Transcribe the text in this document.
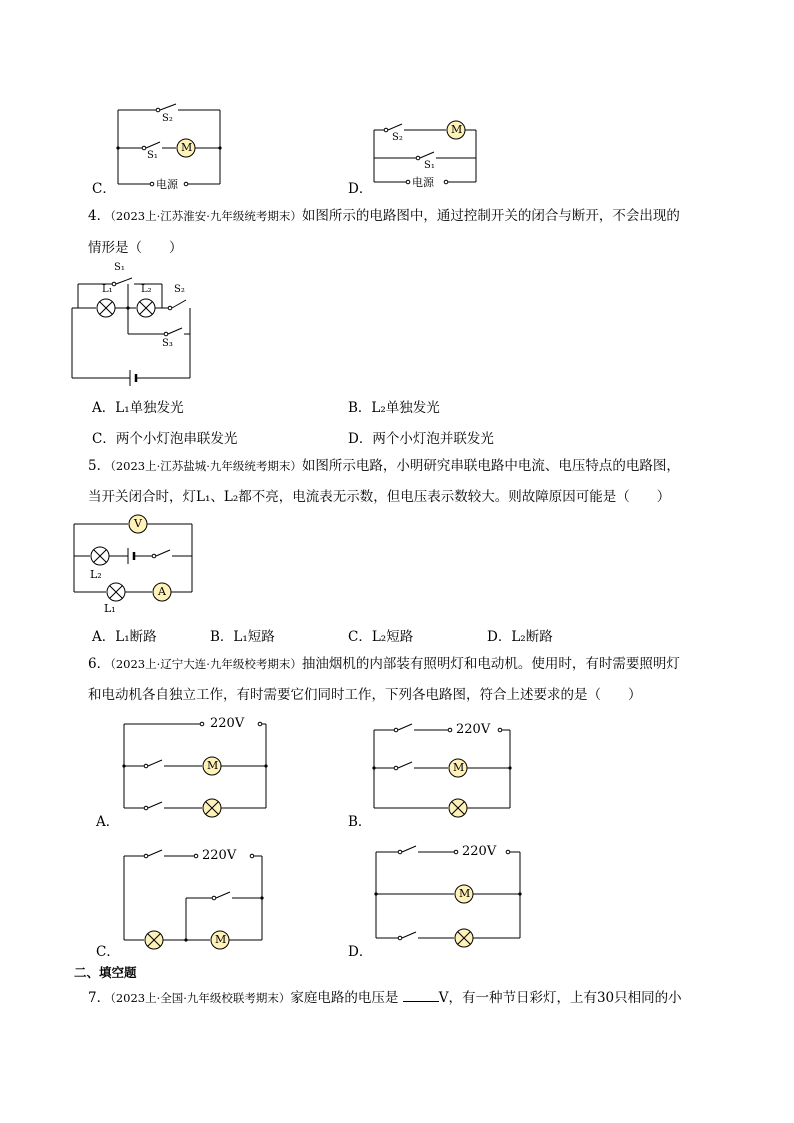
C．
S₂
S₁
M
电源	D．
S₂
M
S₁
电源
4．（2023上·江苏淮安·九年级统考期末）如图所示的电路图中，通过控制开关的闭合与断开，不会出现的
情形是（　　）
S₁
L₁	L₂ S₂
S₃
A．L₁单独发光	B．L₂单独发光
C．两个小灯泡串联发光	D．两个小灯泡并联发光
5．（2023上·江苏盐城·九年级统考期末）如图所示电路，小明研究串联电路中电流、电压特点的电路图，
当开关闭合时，灯L₁、L₂都不亮，电流表无示数，但电压表示数较大。则故障原因可能是（　　）
V
L₂
A
L₁
A．L₁断路	B．L₁短路	C．L₂短路	D．L₂断路
6．（2023上·辽宁大连·九年级校考期末）抽油烟机的内部装有照明灯和电动机。使用时，有时需要照明灯
和电动机各自独立工作，有时需要它们同时工作，下列各电路图，符合上述要求的是（　　）
A．
220V
M
B．
220V
M
C．
220V
M
D．
220V
M
二、填空题
7．（2023上·全国·九年级校联考期末）家庭电路的电压是	V，有一种节日彩灯，上有30只相同的小
